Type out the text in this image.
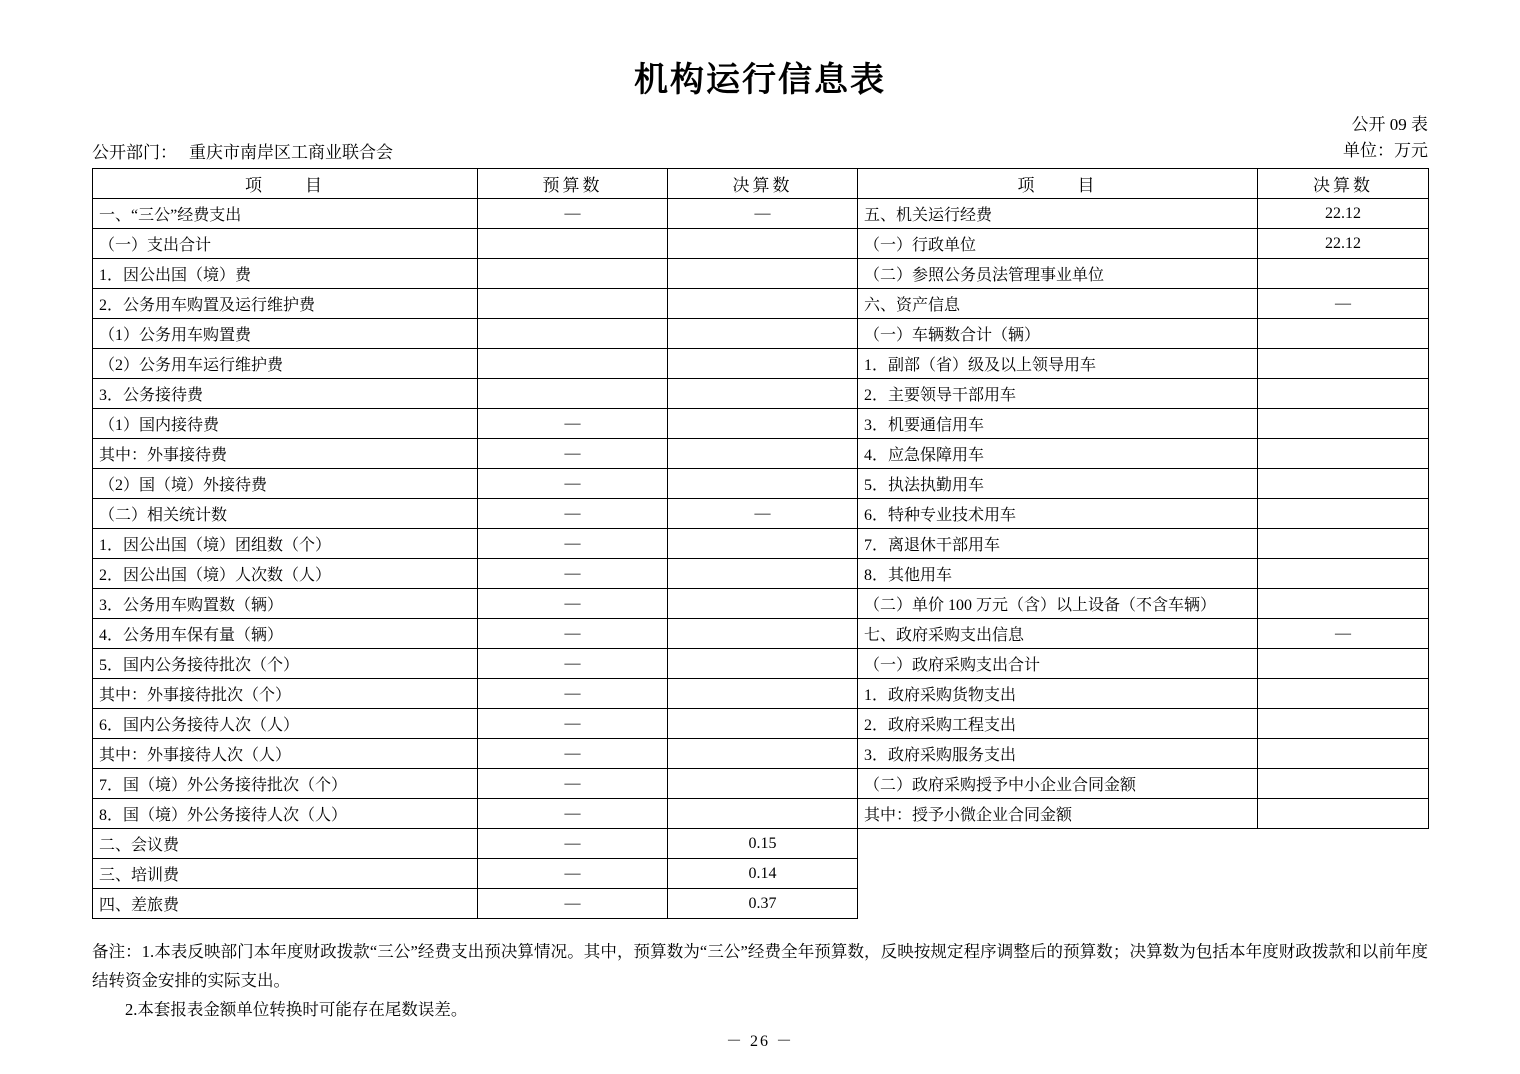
机构运行信息表
公开 09 表
单位：万元
公开部门： 重庆市南岸区工商业联合会
项　　目	预算数	决算数	项　　目	决算数
一、“三公”经费支出	—	—	五、机关运行经费	22.12
（一）支出合计			（一）行政单位	22.12
1．因公出国（境）费			（二）参照公务员法管理事业单位	
2．公务用车购置及运行维护费			六、资产信息	—
（1）公务用车购置费			（一）车辆数合计（辆）	
（2）公务用车运行维护费			1．副部（省）级及以上领导用车	
3．公务接待费			2．主要领导干部用车	
（1）国内接待费	—		3．机要通信用车	
其中：外事接待费	—		4．应急保障用车	
（2）国（境）外接待费	—		5．执法执勤用车	
（二）相关统计数	—	—	6．特种专业技术用车	
1．因公出国（境）团组数（个）	—		7．离退休干部用车	
2．因公出国（境）人次数（人）	—		8．其他用车	
3．公务用车购置数（辆）	—		（二）单价 100 万元（含）以上设备（不含车辆）	
4．公务用车保有量（辆）	—		七、政府采购支出信息	—
5．国内公务接待批次（个）	—		（一）政府采购支出合计	
其中：外事接待批次（个）	—		1．政府采购货物支出	
6．国内公务接待人次（人）	—		2．政府采购工程支出	
其中：外事接待人次（人）	—		3．政府采购服务支出	
7．国（境）外公务接待批次（个）	—		（二）政府采购授予中小企业合同金额	
8．国（境）外公务接待人次（人）	—		其中：授予小微企业合同金额	
二、会议费	—	0.15		
三、培训费	—	0.14		
四、差旅费	—	0.37		

备注：1.本表反映部门本年度财政拨款“三公”经费支出预决算情况。其中，预算数为“三公”经费全年预算数，反映按规定程序调整后的预算数；决算数为包括本年度财政拨款和以前年度结转资金安排的实际支出。

2.本套报表金额单位转换时可能存在尾数误差。

－ 26 －
